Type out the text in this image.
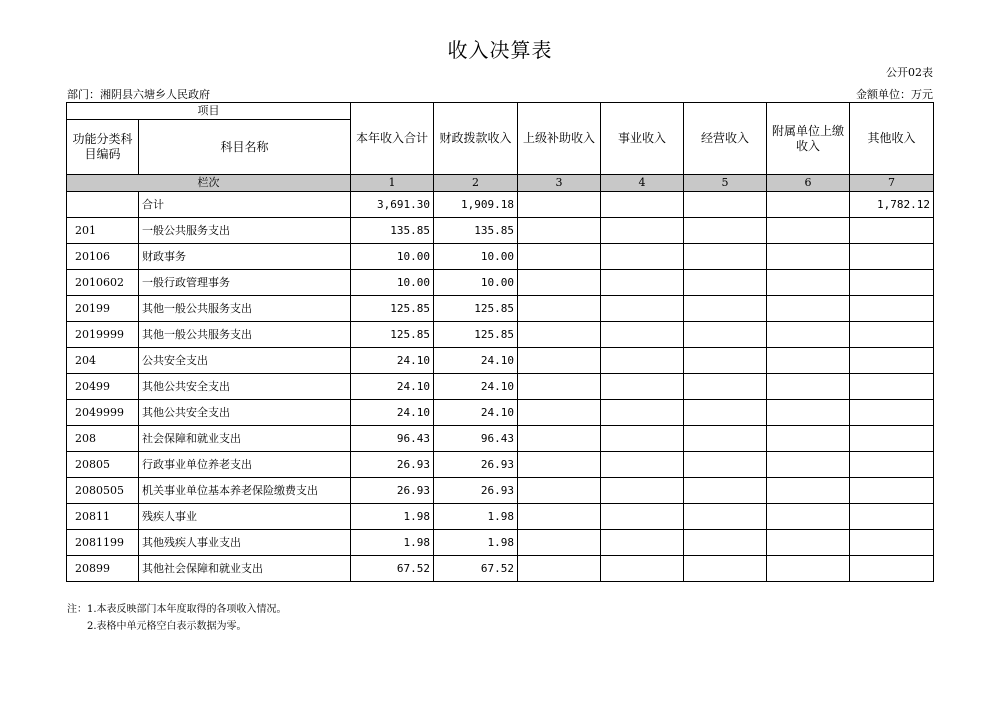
收入决算表
公开02表
部门：湘阴县六塘乡人民政府	金额单位：万元
项目		本年收入合计	财政拨款收入	上级补助收入	事业收入	经营收入	附属单位上缴收入	其他收入
功能分类科目编码	科目名称							
栏次		1	2	3	4	5	6	7
	合计	3,691.30	1,909.18					1,782.12
201	一般公共服务支出	135.85	135.85					
20106	财政事务	10.00	10.00					
2010602	一般行政管理事务	10.00	10.00					
20199	其他一般公共服务支出	125.85	125.85					
2019999	其他一般公共服务支出	125.85	125.85					
204	公共安全支出	24.10	24.10					
20499	其他公共安全支出	24.10	24.10					
2049999	其他公共安全支出	24.10	24.10					
208	社会保障和就业支出	96.43	96.43					
20805	行政事业单位养老支出	26.93	26.93					
2080505	机关事业单位基本养老保险缴费支出	26.93	26.93					
20811	残疾人事业	1.98	1.98					
2081199	其他残疾人事业支出	1.98	1.98					
20899	其他社会保障和就业支出	67.52	67.52					
注：1.本表反映部门本年度取得的各项收入情况。
2.表格中单元格空白表示数据为零。
